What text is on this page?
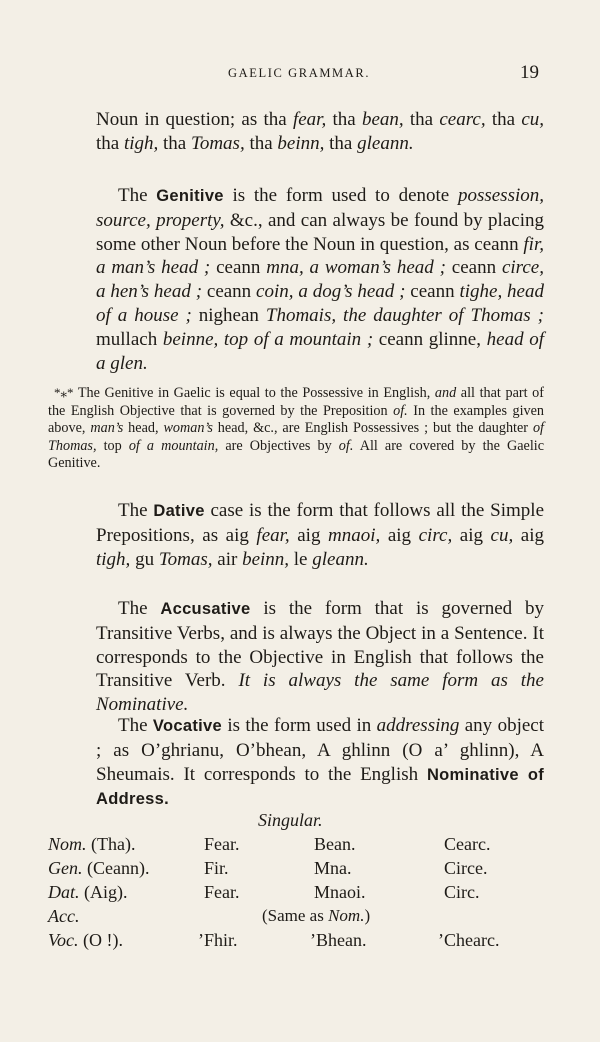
GAELIC GRAMMAR.	19

Noun in question; as tha fear, tha bean, tha cearc, tha cu, tha tigh, tha Tomas, tha beinn, tha gleann.

The Genitive is the form used to denote possession, source, property, &c., and can always be found by placing some other Noun before the Noun in question, as ceann fir, a man’s head ; ceann mna, a woman’s head ; ceann circe, a hen’s head ; ceann coin, a dog’s head ; ceann tighe, head of a house ; nighean Thomais, the daughter of Thomas ; mullach beinne, top of a mountain ; ceann glinne, head of a glen.

*⁎* The Genitive in Gaelic is equal to the Possessive in English, and all that part of the English Objective that is governed by the Preposition of. In the examples given above, man’s head, woman’s head, &c., are English Possessives ; but the daughter of Thomas, top of a mountain, are Objectives by of. All are covered by the Gaelic Genitive.

The Dative case is the form that follows all the Simple Prepositions, as aig fear, aig mnaoi, aig circ, aig cu, aig tigh, gu Tomas, air beinn, le gleann.

The Accusative is the form that is governed by Transitive Verbs, and is always the Object in a Sentence. It corresponds to the Objective in English that follows the Transitive Verb. It is always the same form as the Nominative.

The Vocative is the form used in addressing any object ; as O’ghrianu, O’bhean, A ghlinn (O a’ ghlinn), A Sheumais. It corresponds to the English Nominative of Address.

Singular.
Nom. (Tha).	Fear.	Bean.	Cearc.
Gen. (Ceann).	Fir.	Mna.	Circe.
Dat. (Aig).	Fear.	Mnaoi.	Circ.
Acc.	(Same as Nom.)
Voc. (O !).	’Fhir.	’Bhean.	’Chearc.
